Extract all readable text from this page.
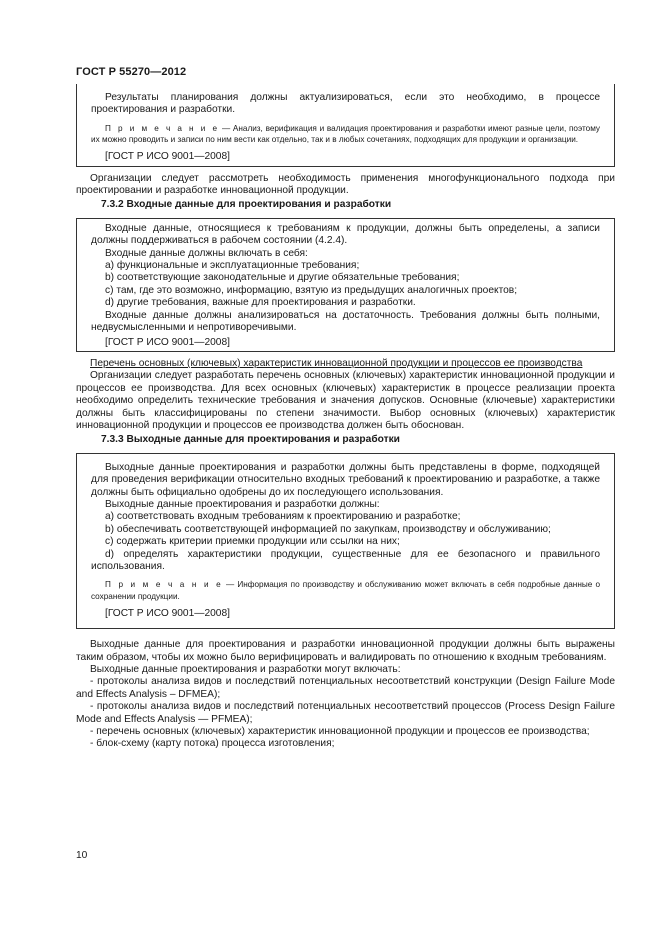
ГОСТ Р 55270—2012

Результаты планирования должны актуализироваться, если это необходимо, в процессе проектирования и разработки.

П р и м е ч а н и е — Анализ, верификация и валидация проектирования и разработки имеют разные цели, поэтому их можно проводить и записи по ним вести как отдельно, так и в любых сочетаниях, подходящих для продукции и организации.

[ГОСТ Р ИСО 9001—2008]

Организации следует рассмотреть необходимость применения многофункционального подхода при проектировании и разработке инновационной продукции.

7.3.2 Входные данные для проектирования и разработки

Входные данные, относящиеся к требованиям к продукции, должны быть определены, а записи должны поддерживаться в рабочем состоянии (4.2.4).

Входные данные должны включать в себя:

a) функциональные и эксплуатационные требования;

b) соответствующие законодательные и другие обязательные требования;

c) там, где это возможно, информацию, взятую из предыдущих аналогичных проектов;

d) другие требования, важные для проектирования и разработки.

Входные данные должны анализироваться на достаточность. Требования должны быть полными, недвусмысленными и непротиворечивыми.

[ГОСТ Р ИСО 9001—2008]

Перечень основных (ключевых) характеристик инновационной продукции и процессов ее производства

Организации следует разработать перечень основных (ключевых) характеристик инновационной продукции и процессов ее производства. Для всех основных (ключевых) характеристик в процессе реализации проекта необходимо определить технические требования и значения допусков. Основные (ключевые) характеристики должны быть классифицированы по степени значимости. Выбор основных (ключевых) характеристик инновационной продукции и процессов ее производства должен быть обоснован.

7.3.3 Выходные данные для проектирования и разработки

Выходные данные проектирования и разработки должны быть представлены в форме, подходящей для проведения верификации относительно входных требований к проектированию и разработке, а также должны быть официально одобрены до их последующего использования.

Выходные данные проектирования и разработки должны:

a) соответствовать входным требованиям к проектированию и разработке;

b) обеспечивать соответствующей информацией по закупкам, производству и обслуживанию;

c) содержать критерии приемки продукции или ссылки на них;

d) определять характеристики продукции, существенные для ее безопасного и правильного использования.

П р и м е ч а н и е — Информация по производству и обслуживанию может включать в себя подробные данные о сохранении продукции.

[ГОСТ Р ИСО 9001—2008]

Выходные данные для проектирования и разработки инновационной продукции должны быть выражены таким образом, чтобы их можно было верифицировать и валидировать по отношению к входным требованиям.

Выходные данные проектирования и разработки могут включать:

- протоколы анализа видов и последствий потенциальных несоответствий конструкции (Design Failure Mode and Effects Analysis – DFMEA);

- протоколы анализа видов и последствий потенциальных несоответствий процессов (Process Design Failure Mode and Effects Analysis — PFMEA);

- перечень основных (ключевых) характеристик инновационной продукции и процессов ее производства;

- блок-схему (карту потока) процесса изготовления;

10
